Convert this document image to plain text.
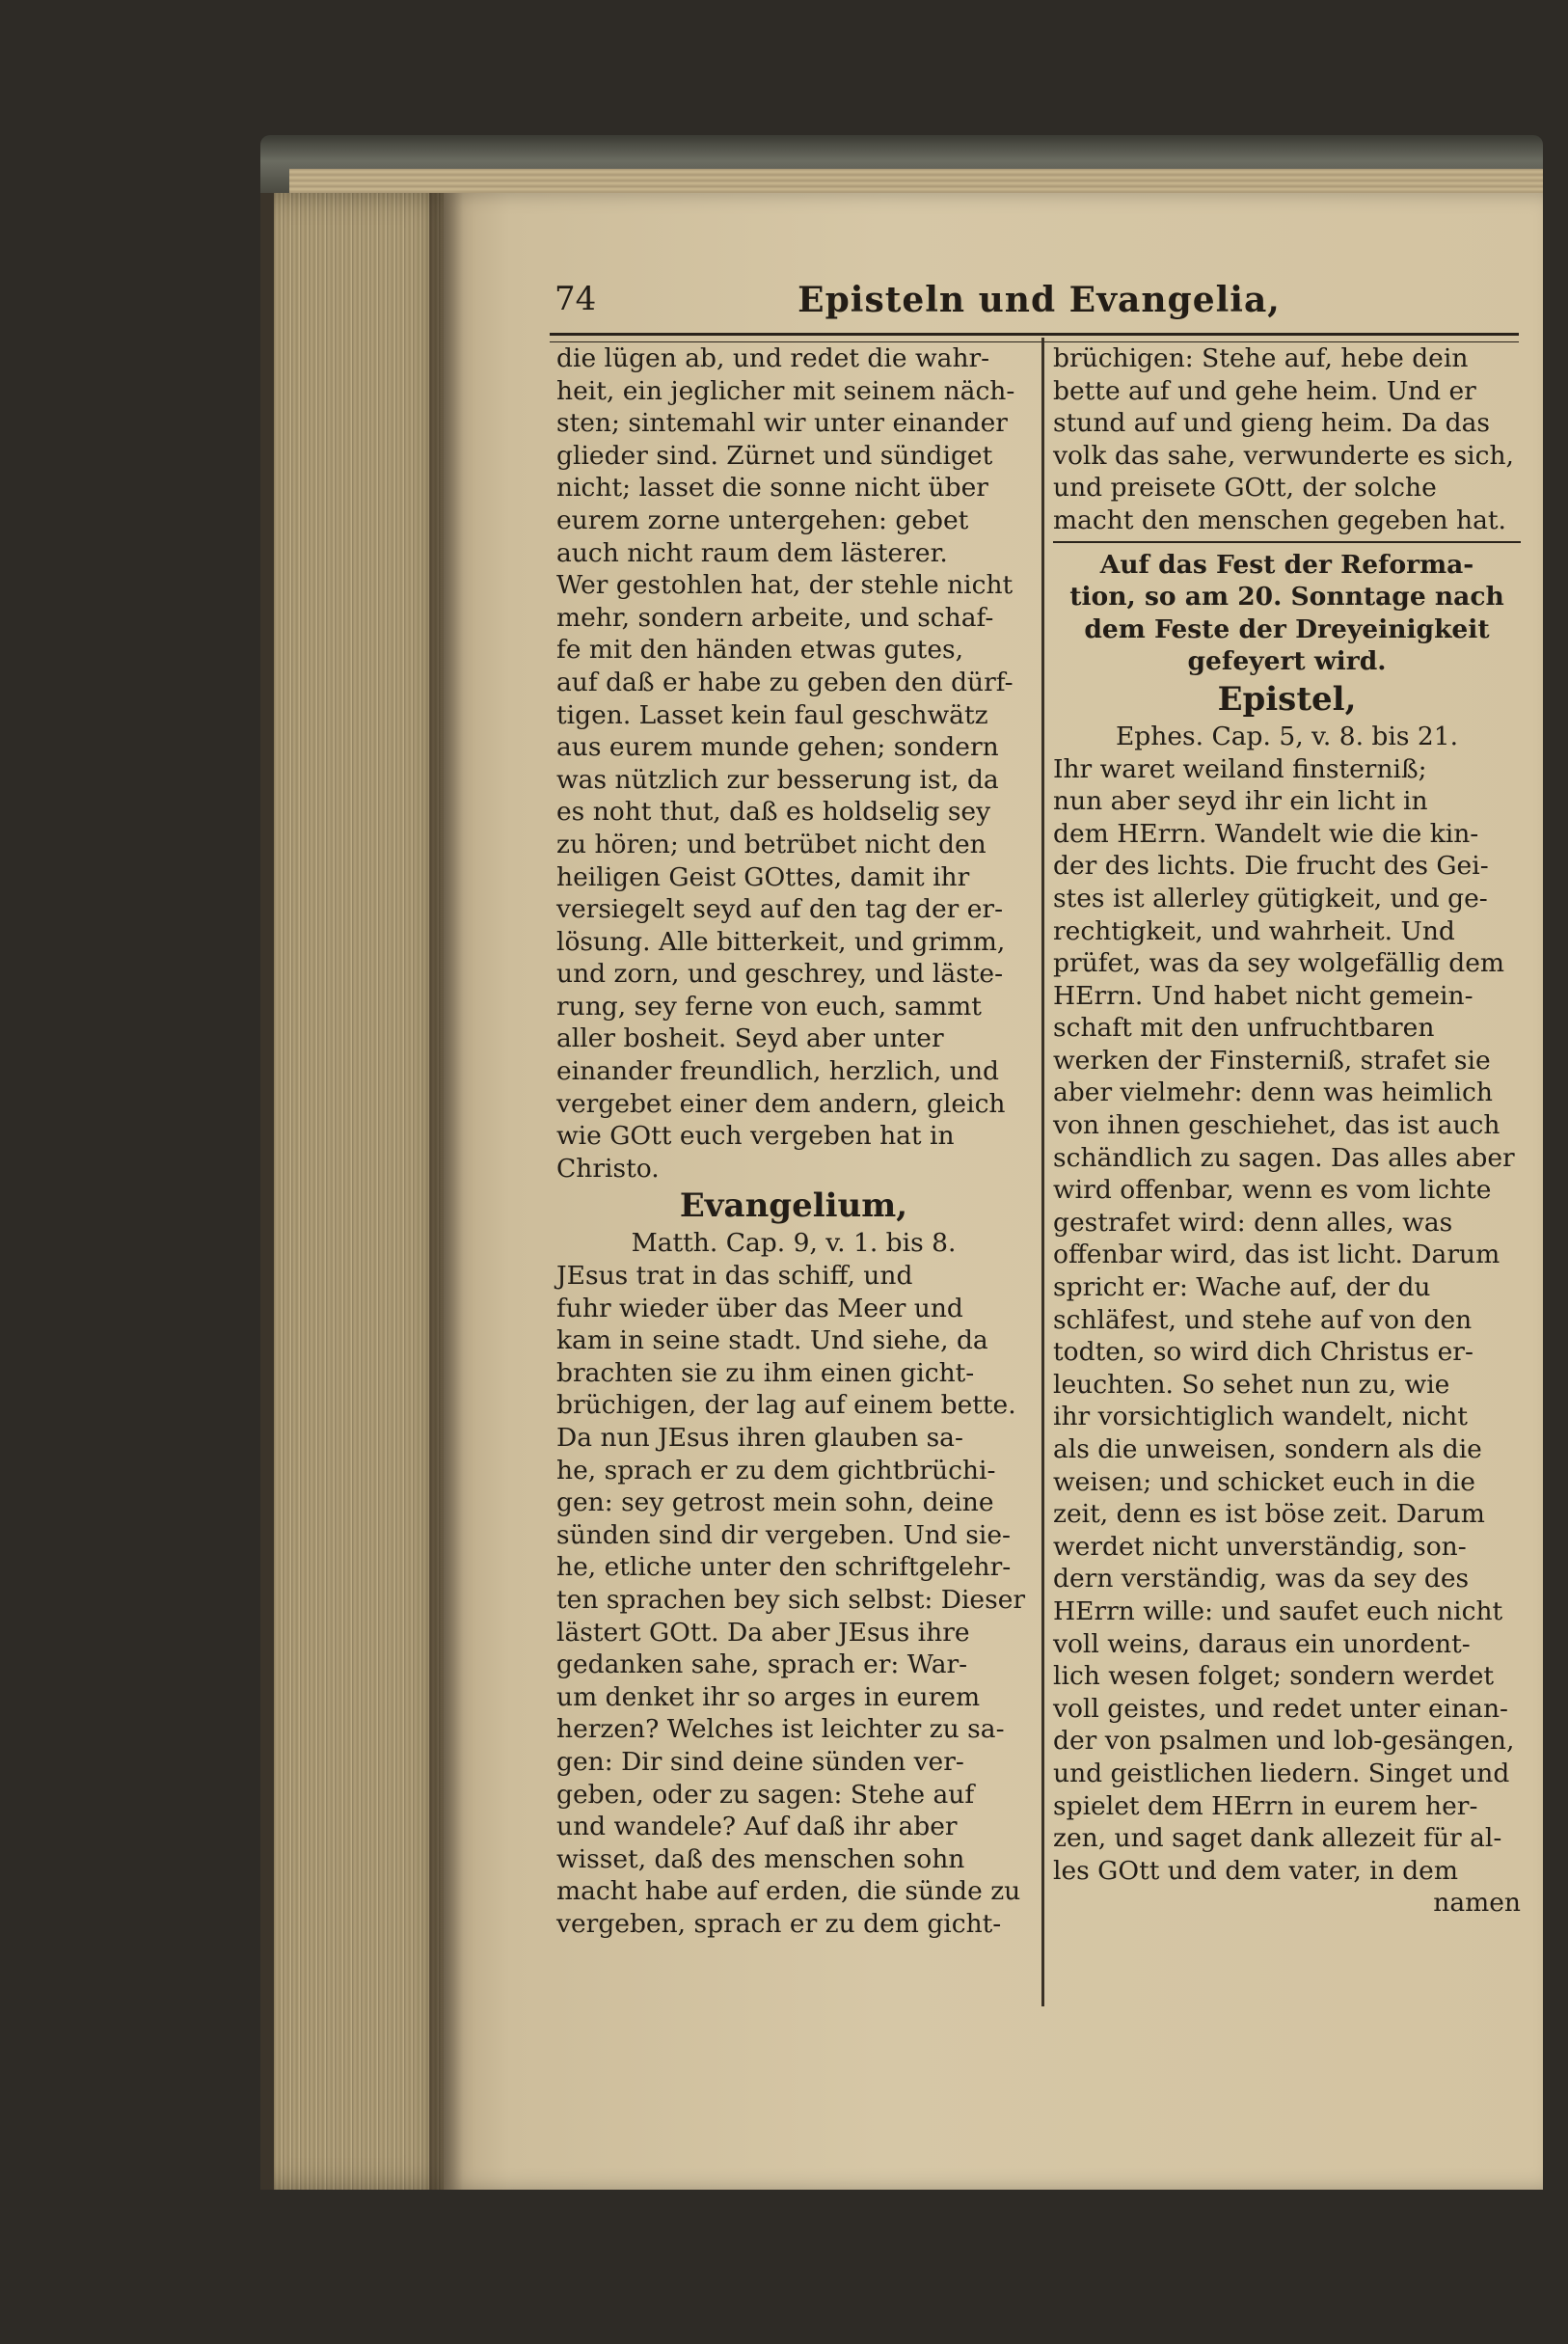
74	Episteln und Evangelia,
die lügen ab, und redet die wahr-
heit, ein jeglicher mit seinem näch-
sten; sintemahl wir unter einander
glieder sind. Zürnet und sündiget
nicht; lasset die sonne nicht über
eurem zorne untergehen: gebet
auch nicht raum dem lästerer.
Wer gestohlen hat, der stehle nicht
mehr, sondern arbeite, und schaf-
fe mit den händen etwas gutes,
auf daß er habe zu geben den dürf-
tigen. Lasset kein faul geschwätz
aus eurem munde gehen; sondern
was nützlich zur besserung ist, da
es noht thut, daß es holdselig sey
zu hören; und betrübet nicht den
heiligen Geist GOttes, damit ihr
versiegelt seyd auf den tag der er-
lösung. Alle bitterkeit, und grimm,
und zorn, und geschrey, und läste-
rung, sey ferne von euch, sammt
aller bosheit. Seyd aber unter
einander freundlich, herzlich, und
vergebet einer dem andern, gleich
wie GOtt euch vergeben hat in
Christo.
Evangelium,
Matth. Cap. 9, v. 1. bis 8.
JEsus trat in das schiff, und
fuhr wieder über das Meer und
kam in seine stadt. Und siehe, da
brachten sie zu ihm einen gicht-
brüchigen, der lag auf einem bette.
Da nun JEsus ihren glauben sa-
he, sprach er zu dem gichtbrüchi-
gen: sey getrost mein sohn, deine
sünden sind dir vergeben. Und sie-
he, etliche unter den schriftgelehr-
ten sprachen bey sich selbst: Dieser
lästert GOtt. Da aber JEsus ihre
gedanken sahe, sprach er: War-
um denket ihr so arges in eurem
herzen? Welches ist leichter zu sa-
gen: Dir sind deine sünden ver-
geben, oder zu sagen: Stehe auf
und wandele? Auf daß ihr aber
wisset, daß des menschen sohn
macht habe auf erden, die sünde zu
vergeben, sprach er zu dem gicht-
brüchigen: Stehe auf, hebe dein
bette auf und gehe heim. Und er
stund auf und gieng heim. Da das
volk das sahe, verwunderte es sich,
und preisete GOtt, der solche
macht den menschen gegeben hat.
Auf das Fest der Reforma-
tion, so am 20. Sonntage nach
dem Feste der Dreyeinigkeit
gefeyert wird.
Epistel,
Ephes. Cap. 5, v. 8. bis 21.
Ihr waret weiland finsterniß;
nun aber seyd ihr ein licht in
dem HErrn. Wandelt wie die kin-
der des lichts. Die frucht des Gei-
stes ist allerley gütigkeit, und ge-
rechtigkeit, und wahrheit. Und
prüfet, was da sey wolgefällig dem
HErrn. Und habet nicht gemein-
schaft mit den unfruchtbaren
werken der Finsterniß, strafet sie
aber vielmehr: denn was heimlich
von ihnen geschiehet, das ist auch
schändlich zu sagen. Das alles aber
wird offenbar, wenn es vom lichte
gestrafet wird: denn alles, was
offenbar wird, das ist licht. Darum
spricht er: Wache auf, der du
schläfest, und stehe auf von den
todten, so wird dich Christus er-
leuchten. So sehet nun zu, wie
ihr vorsichtiglich wandelt, nicht
als die unweisen, sondern als die
weisen; und schicket euch in die
zeit, denn es ist böse zeit. Darum
werdet nicht unverständig, son-
dern verständig, was da sey des
HErrn wille: und saufet euch nicht
voll weins, daraus ein unordent-
lich wesen folget; sondern werdet
voll geistes, und redet unter einan-
der von psalmen und lob-gesängen,
und geistlichen liedern. Singet und
spielet dem HErrn in eurem her-
zen, und saget dank allezeit für al-
les GOtt und dem vater, in dem
namen
